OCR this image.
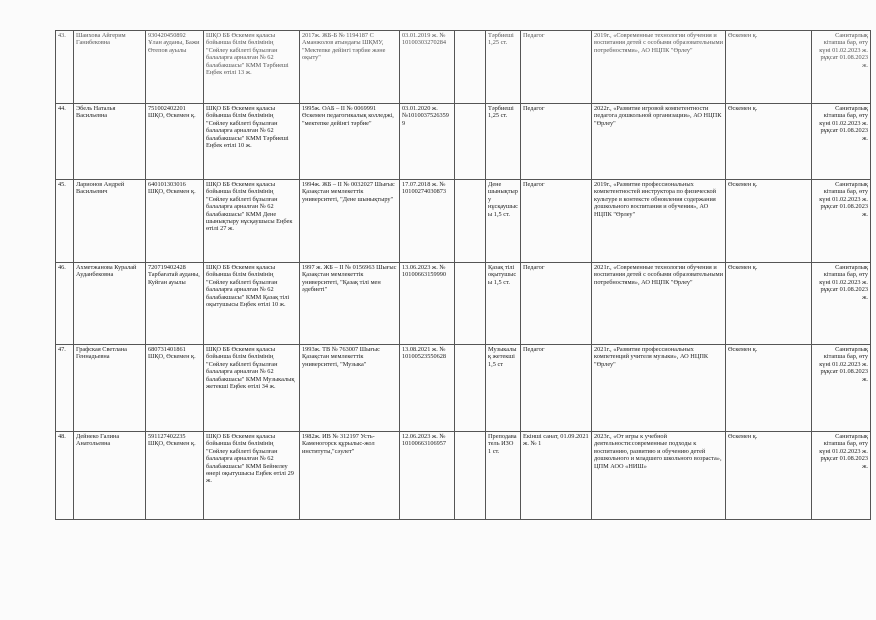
43.	Шаихова Айгерим Ганибековна	930420450892 Ұлан ауданы, Бажи Өтепов ауылы	ШҚО ББ Өскемен қаласы бойынша білім бөлімінің "Сөйлеу кабілеті бұзылған балаларға арналған № 62 балабакшасы" КММ Тәрбиеші Еңбек өтілі 13 ж.	2017ж. ЖБ-Б № 1194187 С Аманжолов атындағы ШҚМУ, "Мектепке дейінгі тәрбие және оқыту"	03.01.2019 ж. № 10100303270284		Тәрбиеші 1,25 ст.	Педагог	2019г., «Современные технологии обучения и воспитания детей с особыми образовательными потребностями», АО НЦПК "Өрлеу"	Өскемен қ.	Санитарлық кітапша бар, өту күні 01.02.2023 ж. рұқсат 01.08.2023 ж.
44.	Эбель Наталья Васильевна	751002402201 ШҚО, Өскемен қ.	ШҚО ББ Өскемен қаласы бойынша білім бөлімінің "Сөйлеу кабілеті бұзылған балаларға арналған № 62 балабакшасы" КММ Тәрбиеші Еңбек өтілі 10 ж.	1995ж. ОАБ – II № 0069991 Өскемен педагогикалық колледжі, "мектепке дейінгі тәрбие"	03.01.2020 ж. №10100375263599		Тәрбиеші 1,25 ст.	Педагог	2022г., «Развитие игровой компетентности педагога дошкольной организации», АО НЦПК "Өрлеу"	Өскемен қ.	Санитарлық кітапша бар, өту күні 01.02.2023 ж. рұқсат 01.08.2023 ж.
45.	Ларионов Андрей Васильевич	640101303016 ШҚО, Өскемен қ.	ШҚО ББ Өскемен қаласы бойынша білім бөлімінің "Сөйлеу кабілеті бұзылған балаларға арналған № 62 балабакшасы" КММ Дене шынықтыру нұсқаушысы Еңбек өтілі 27 ж.	1994ж. ЖБ – II № 0032027 Шығыс Қазақстан мемлекеттік университеті, "Дене шынықтыру"	17.07.2018 ж. № 10100274030873		Дене шынықтыру нұсқаушысы 1,5 ст.	Педагог	2019г., «Развитие профессиональных компетентностей инструктора по физической культуре в контексте обновления содержания дошкольного воспитания и обучения», АО НЦПК "Өрлеу"	Өскемен қ.	Санитарлық кітапша бар, өту күні 01.02.2023 ж. рұқсат 01.08.2023 ж.
46.	Ахметжанова Куралай Ауданбековна	720719402428 Тарбағатай ауданы, Куйган ауылы	ШҚО ББ Өскемен қаласы бойынша білім бөлімінің "Сөйлеу кабілеті бұзылған балаларға арналған № 62 балабакшасы" КММ Қазақ тілі оқытушысы Еңбек өтілі 10 ж.	1997 ж. ЖБ – II № 0156963 Шығыс Қазақстан мемлекеттік университеті, "Қазақ тілі мен әдебиеті"	13.06.2023 ж. № 10100663159990		Қазақ тілі оқытушысы 1,5 ст.	Педагог	2021г., «Современные технологии обучения и воспитания детей с особыми образовательными потребностями», АО НЦПК "Өрлеу"	Өскемен қ.	Санитарлық кітапша бар, өту күні 01.02.2023 ж. рұқсат 01.08.2023 ж.
47.	Графская Светлана Геннадьевна	680731401861 ШҚО, Өскемен қ.	ШҚО ББ Өскемен қаласы бойынша білім бөлімінің "Сөйлеу кабілеті бұзылған балаларға арналған № 62 балабакшасы" КММ Музыкалық жетекші Еңбек өтілі 34 ж.	1993ж. ТВ № 763007 Шығыс Қазақстан мемлекеттік университеті, "Музыка"	13.08.2021 ж. № 10100523550628		Музыкалық жетекші 1,5 ст	Педагог	2021г., «Развитие профессиональных компетенций учителя музыки», АО НЦПК "Өрлеу"	Өскемен қ.	Санитарлық кітапша бар, өту күні 01.02.2023 ж. рұқсат 01.08.2023 ж.
48.	Дейнеко Галина Анатольевна	591127402235 ШҚО, Өскемен қ.	ШҚО ББ Өскемен қаласы бойынша білім бөлімінің "Сөйлеу кабілеті бұзылған балаларға арналған № 62 балабакшасы" КММ Бейнелеу өнері оқытушысы Еңбек өтілі 29 ж.	1982ж. ИВ № 312197 Усть-Каменогорск құрылыс-жол институты,"сәулет"	12.06.2023 ж. № 10100663106957		Преподаватель ИЗО 1 ст.	Екінші санат, 01.09.2021 ж. № 1	2023г., «От игры к учебной деятельности:современные подходы к воспитанию, развитию и обучению детей дошкольного и младшего школьного возраста», ЦПМ АОО «НИШ»	Өскемен қ.	Санитарлық кітапша бар, өту күні 01.02.2023 ж. рұқсат 01.08.2023 ж.
